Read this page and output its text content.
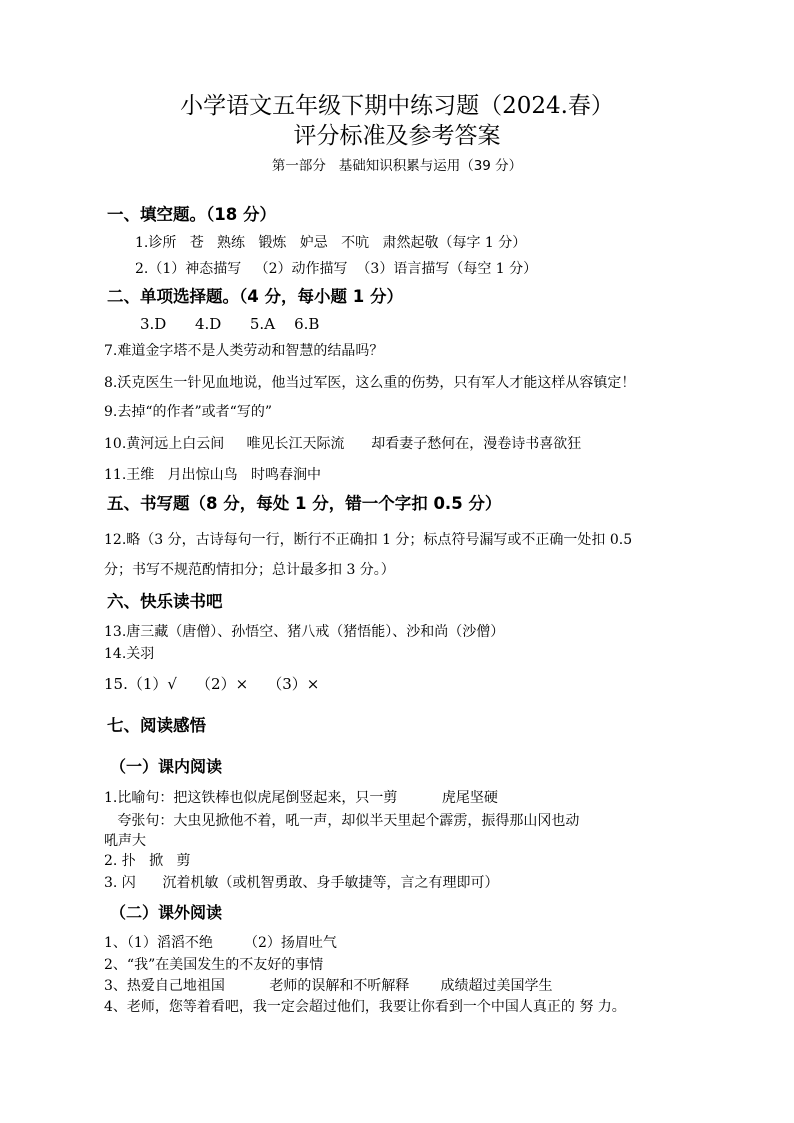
小学语文五年级下期中练习题（2024.春）
评分标准及参考答案
第一部分   基础知识积累与运用（39 分）
一、填空题。（18 分）
1.诊所   苍   熟练   锻炼   妒忌   不吭   肃然起敬（每字 1 分）
2.（1）神态描写   （2）动作描写  （3）语言描写（每空 1 分）
二、单项选择题。（4 分，每小题 1 分）
3.D      4.D      5.A    6.B
7.难道金字塔不是人类劳动和智慧的结晶吗？
8.沃克医生一针见血地说，他当过军医，这么重的伤势，只有军人才能这样从容镇定！
9.去掉“的作者”或者“写的”
10.黄河远上白云间     唯见长江天际流      却看妻子愁何在，漫卷诗书喜欲狂
11.王维   月出惊山鸟   时鸣春涧中
五、书写题（8 分，每处 1 分，错一个字扣 0.5 分）
12.略（3 分，古诗每句一行，断行不正确扣 1 分；标点符号漏写或不正确一处扣 0.5
分；书写不规范酌情扣分；总计最多扣 3 分。）
六、快乐读书吧
13.唐三藏（唐僧）、孙悟空、猪八戒（猪悟能）、沙和尚（沙僧）
14.关羽
15.（1）√    （2）×    （3）×
七、阅读感悟
（一）课内阅读
1.比喻句：把这铁棒也似虎尾倒竖起来，只一剪          虎尾坚硬
夸张句：大虫见掀他不着，吼一声，却似半天里起个霹雳，振得那山冈也动
吼声大
2. 扑   掀   剪
3. 闪      沉着机敏（或机智勇敢、身手敏捷等，言之有理即可）
（二）课外阅读
1、（1）滔滔不绝       （2）扬眉吐气
2、“我”在美国发生的不友好的事情
3、热爱自己地祖国          老师的误解和不听解释       成绩超过美国学生
4、老师，您等着看吧，我一定会超过他们，我要让你看到一个中国人真正的 努 力。
